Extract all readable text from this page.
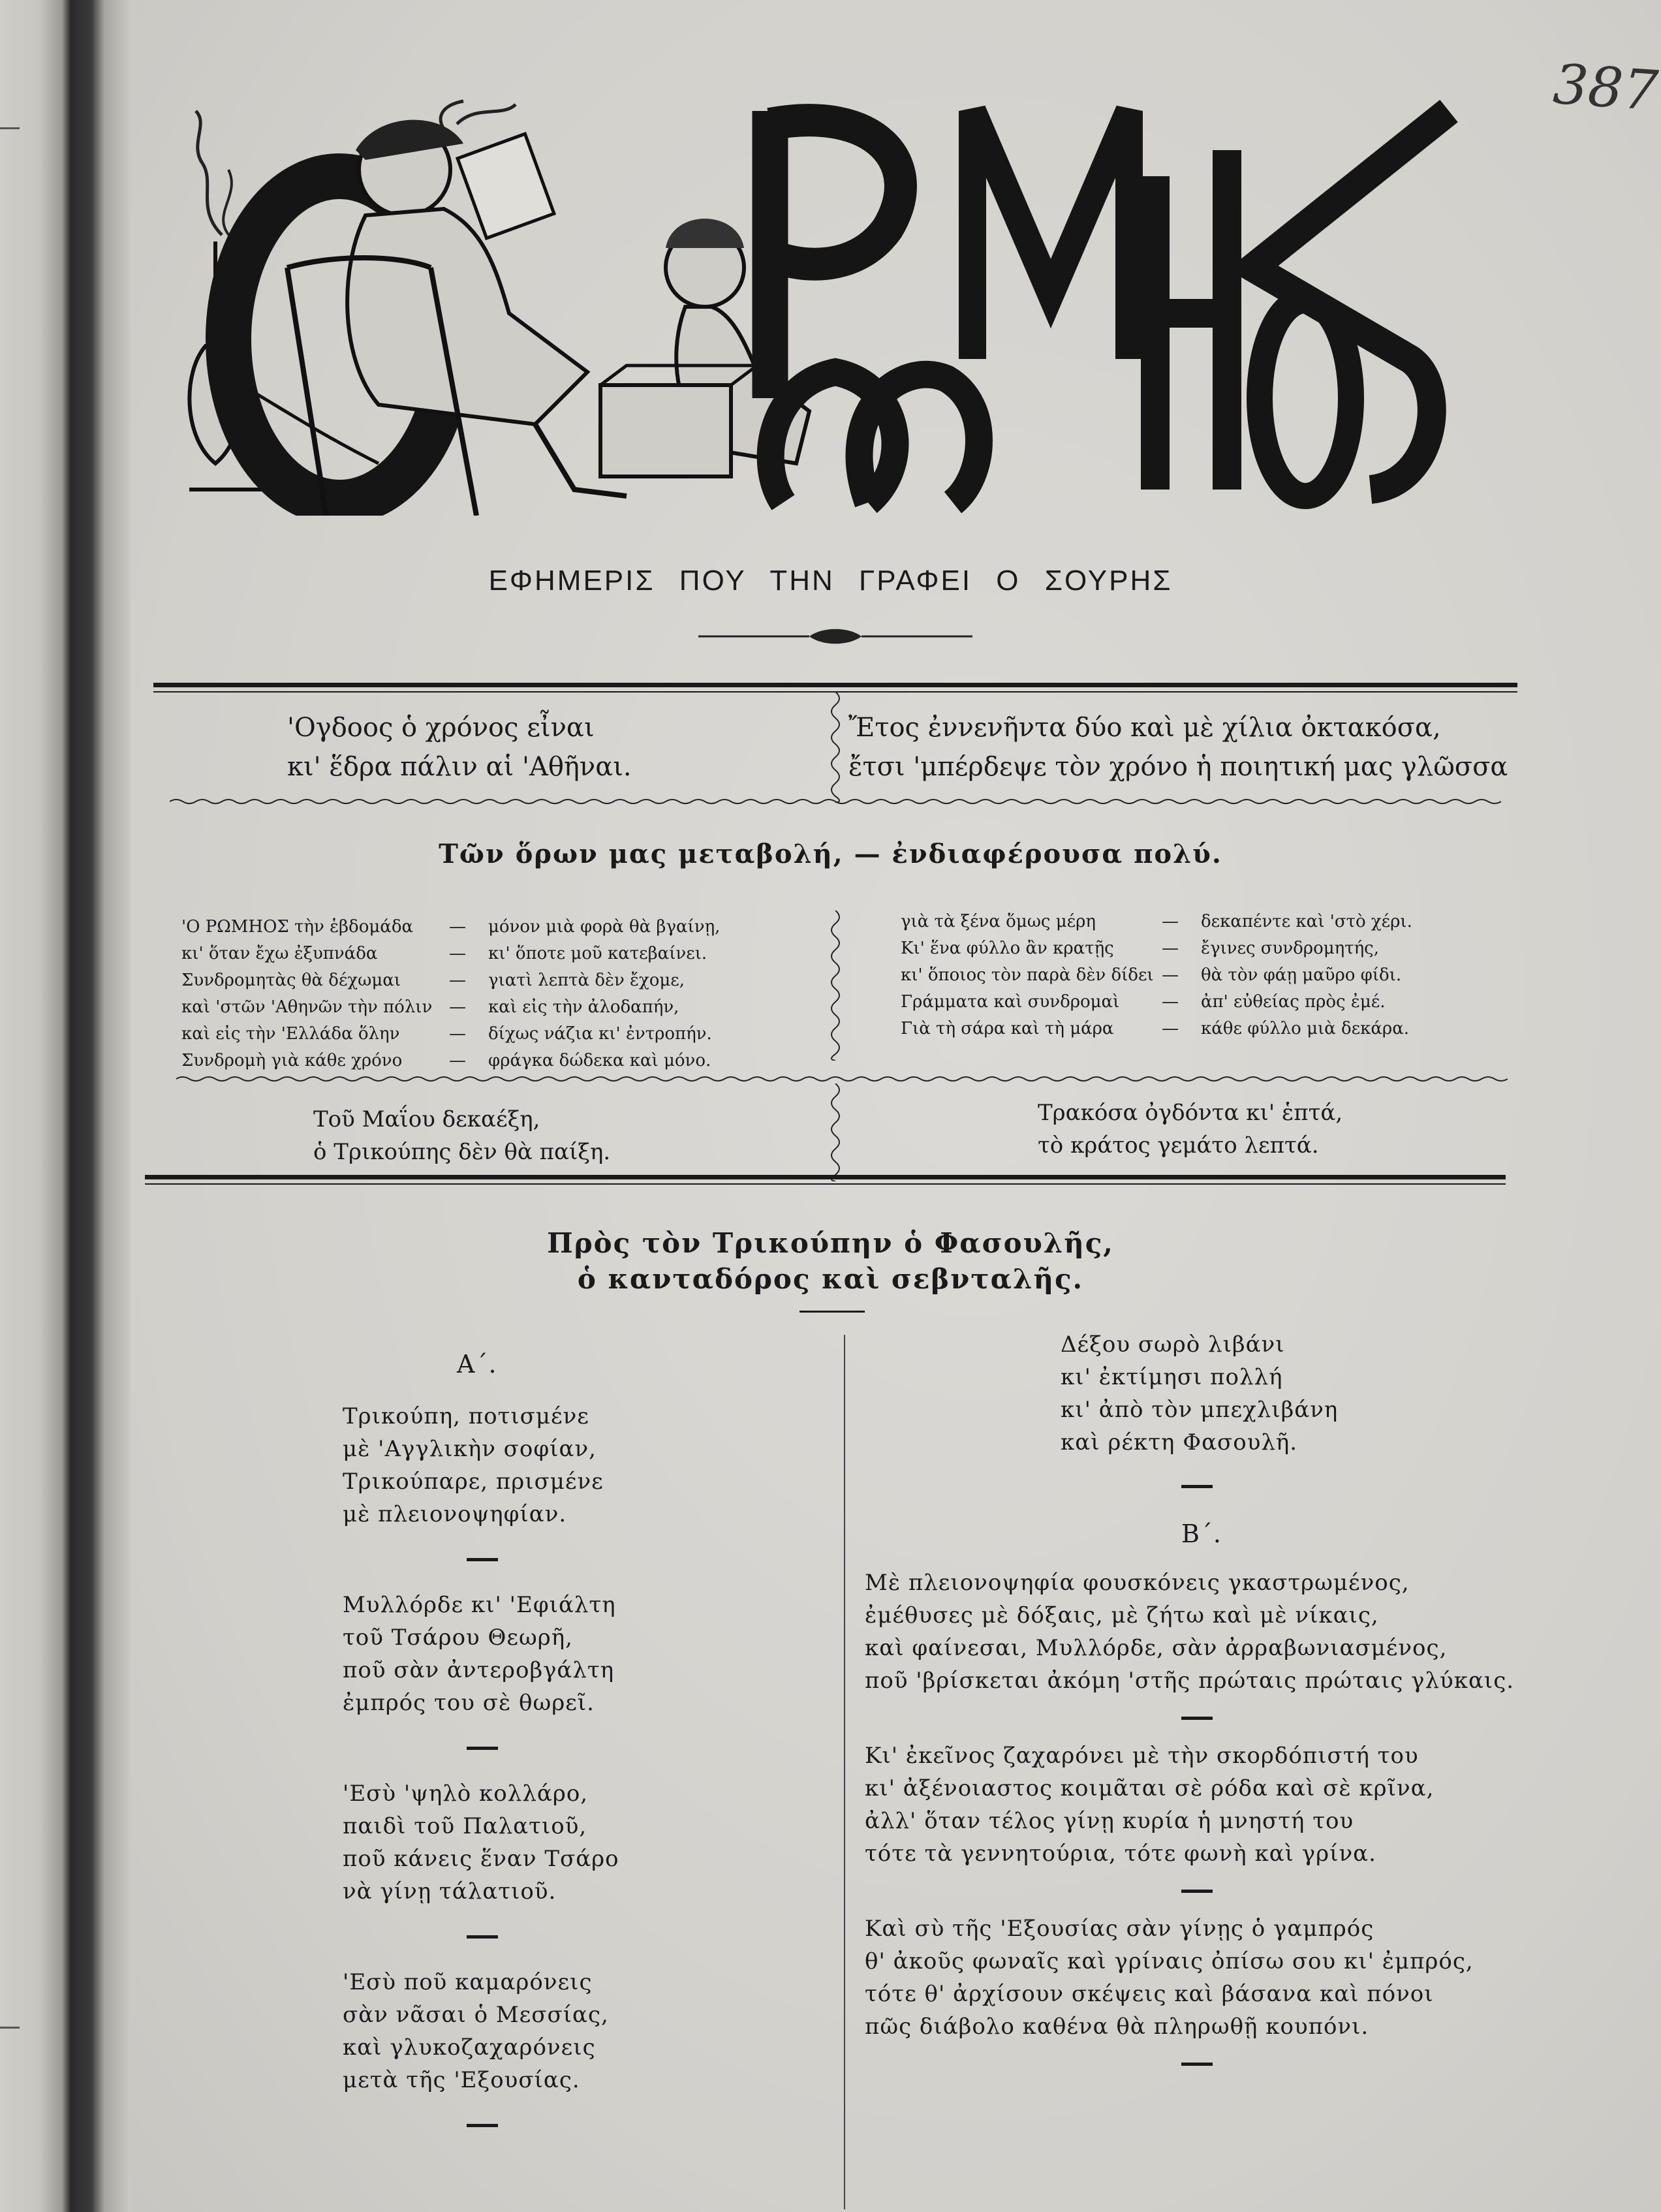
387
ΕΦΗΜΕΡΙΣ ΠΟΥ ΤΗΝ ΓΡΑΦΕΙ Ο ΣΟΥΡΗΣ
'Ογδοος ὁ χρόνος εἶναι
κι' ἕδρα πάλιν αἱ 'Αθῆναι.
Ἔτος ἐννενῆντα δύο καὶ μὲ χίλια ὀκτακόσα,
ἔτσι 'μπέρδεψε τὸν χρόνο ἡ ποιητική μας γλῶσσα
Τῶν ὅρων μας μεταβολή, — ἐνδιαφέρουσα πολύ.
'Ο ΡΩΜΗΟΣ τὴν ἑβδομάδα — μόνον μιὰ φορὰ θὰ βγαίνῃ,
κι' ὅταν ἔχω ἐξυπνάδα	— κι' ὅποτε μοῦ κατεβαίνει.
Συνδρομητὰς θὰ δέχωμαι	— γιατὶ λεπτὰ δὲν ἔχομε,
καὶ 'στῶν 'Αθηνῶν τὴν πόλιν — καὶ εἰς τὴν ἀλοδαπήν,
καὶ εἰς τὴν 'Ελλάδα ὅλην	— δίχως νάζια κι' ἐντροπήν.
Συνδρομὴ γιὰ κάθε χρόνο	— φράγκα δώδεκα καὶ μόνο.
γιὰ τὰ ξένα ὅμως μέρη	— δεκαπέντε καὶ 'στὸ χέρι.
Κι' ἕνα φύλλο ἂν κρατῇς	— ἔγινες συνδρομητής,
κι' ὅποιος τὸν παρὰ δὲν δίδει — θὰ τὸν φάῃ μαῦρο φίδι.
Γράμματα καὶ συνδρομαὶ — ἀπ' εὐθείας πρὸς ἐμέ.
Γιὰ τὴ σάρα καὶ τὴ μάρα	— κάθε φύλλο μιὰ δεκάρα.
Τοῦ Μαΐου δεκαέξη,
ὁ Τρικούπης δὲν θὰ παίξη.
Τρακόσα ὀγδόντα κι' ἑπτά,
τὸ κράτος γεμάτο λεπτά.
Πρὸς τὸν Τρικούπην ὁ Φασουλῆς,
ὁ κανταδόρος καὶ σεβνταλῆς.
Α΄.
Τρικούπη, ποτισμένε
μὲ 'Αγγλικὴν σοφίαν,
Τρικούπαρε, πρισμένε
μὲ πλειονοψηφίαν.
Μυλλόρδε κι' 'Εφιάλτη
τοῦ Τσάρου Θεωρῆ,
ποῦ σὰν ἀντεροβγάλτη
ἐμπρός του σὲ θωρεῖ.
'Εσὺ 'ψηλὸ κολλάρο,
παιδὶ τοῦ Παλατιοῦ,
ποῦ κάνεις ἕναν Τσάρο
νὰ γίνῃ τάλατιοῦ.
'Εσὺ ποῦ καμαρόνεις
σὰν νᾶσαι ὁ Μεσσίας,
καὶ γλυκοζαχαρόνεις
μετὰ τῆς 'Εξουσίας.
Δέξου σωρὸ λιβάνι
κι' ἐκτίμησι πολλή
κι' ἀπὸ τὸν μπεχλιβάνη
καὶ ρέκτη Φασουλῆ.
Β΄.
Μὲ πλειονοψηφία φουσκόνεις γκαστρωμένος,
ἐμέθυσες μὲ δόξαις, μὲ ζήτω καὶ μὲ νίκαις,
καὶ φαίνεσαι, Μυλλόρδε, σὰν ἀρραβωνιασμένος,
ποῦ 'βρίσκεται ἀκόμη 'στῆς πρώταις πρώταις γλύκαις.
Κι' ἐκεῖνος ζαχαρόνει μὲ τὴν σκορδόπιστή του
κι' ἀξένοιαστος κοιμᾶται σὲ ρόδα καὶ σὲ κρῖνα,
ἀλλ' ὅταν τέλος γίνῃ κυρία ἡ μνηστή του
τότε τὰ γεννητούρια, τότε φωνὴ καὶ γρίνα.
Καὶ σὺ τῆς 'Εξουσίας σὰν γίνῃς ὁ γαμπρός
θ' ἀκοῦς φωναῖς καὶ γρίναις ὀπίσω σου κι' ἐμπρός,
τότε θ' ἀρχίσουν σκέψεις καὶ βάσανα καὶ πόνοι
πῶς διάβολο καθένα θὰ πληρωθῇ κουπόνι.
